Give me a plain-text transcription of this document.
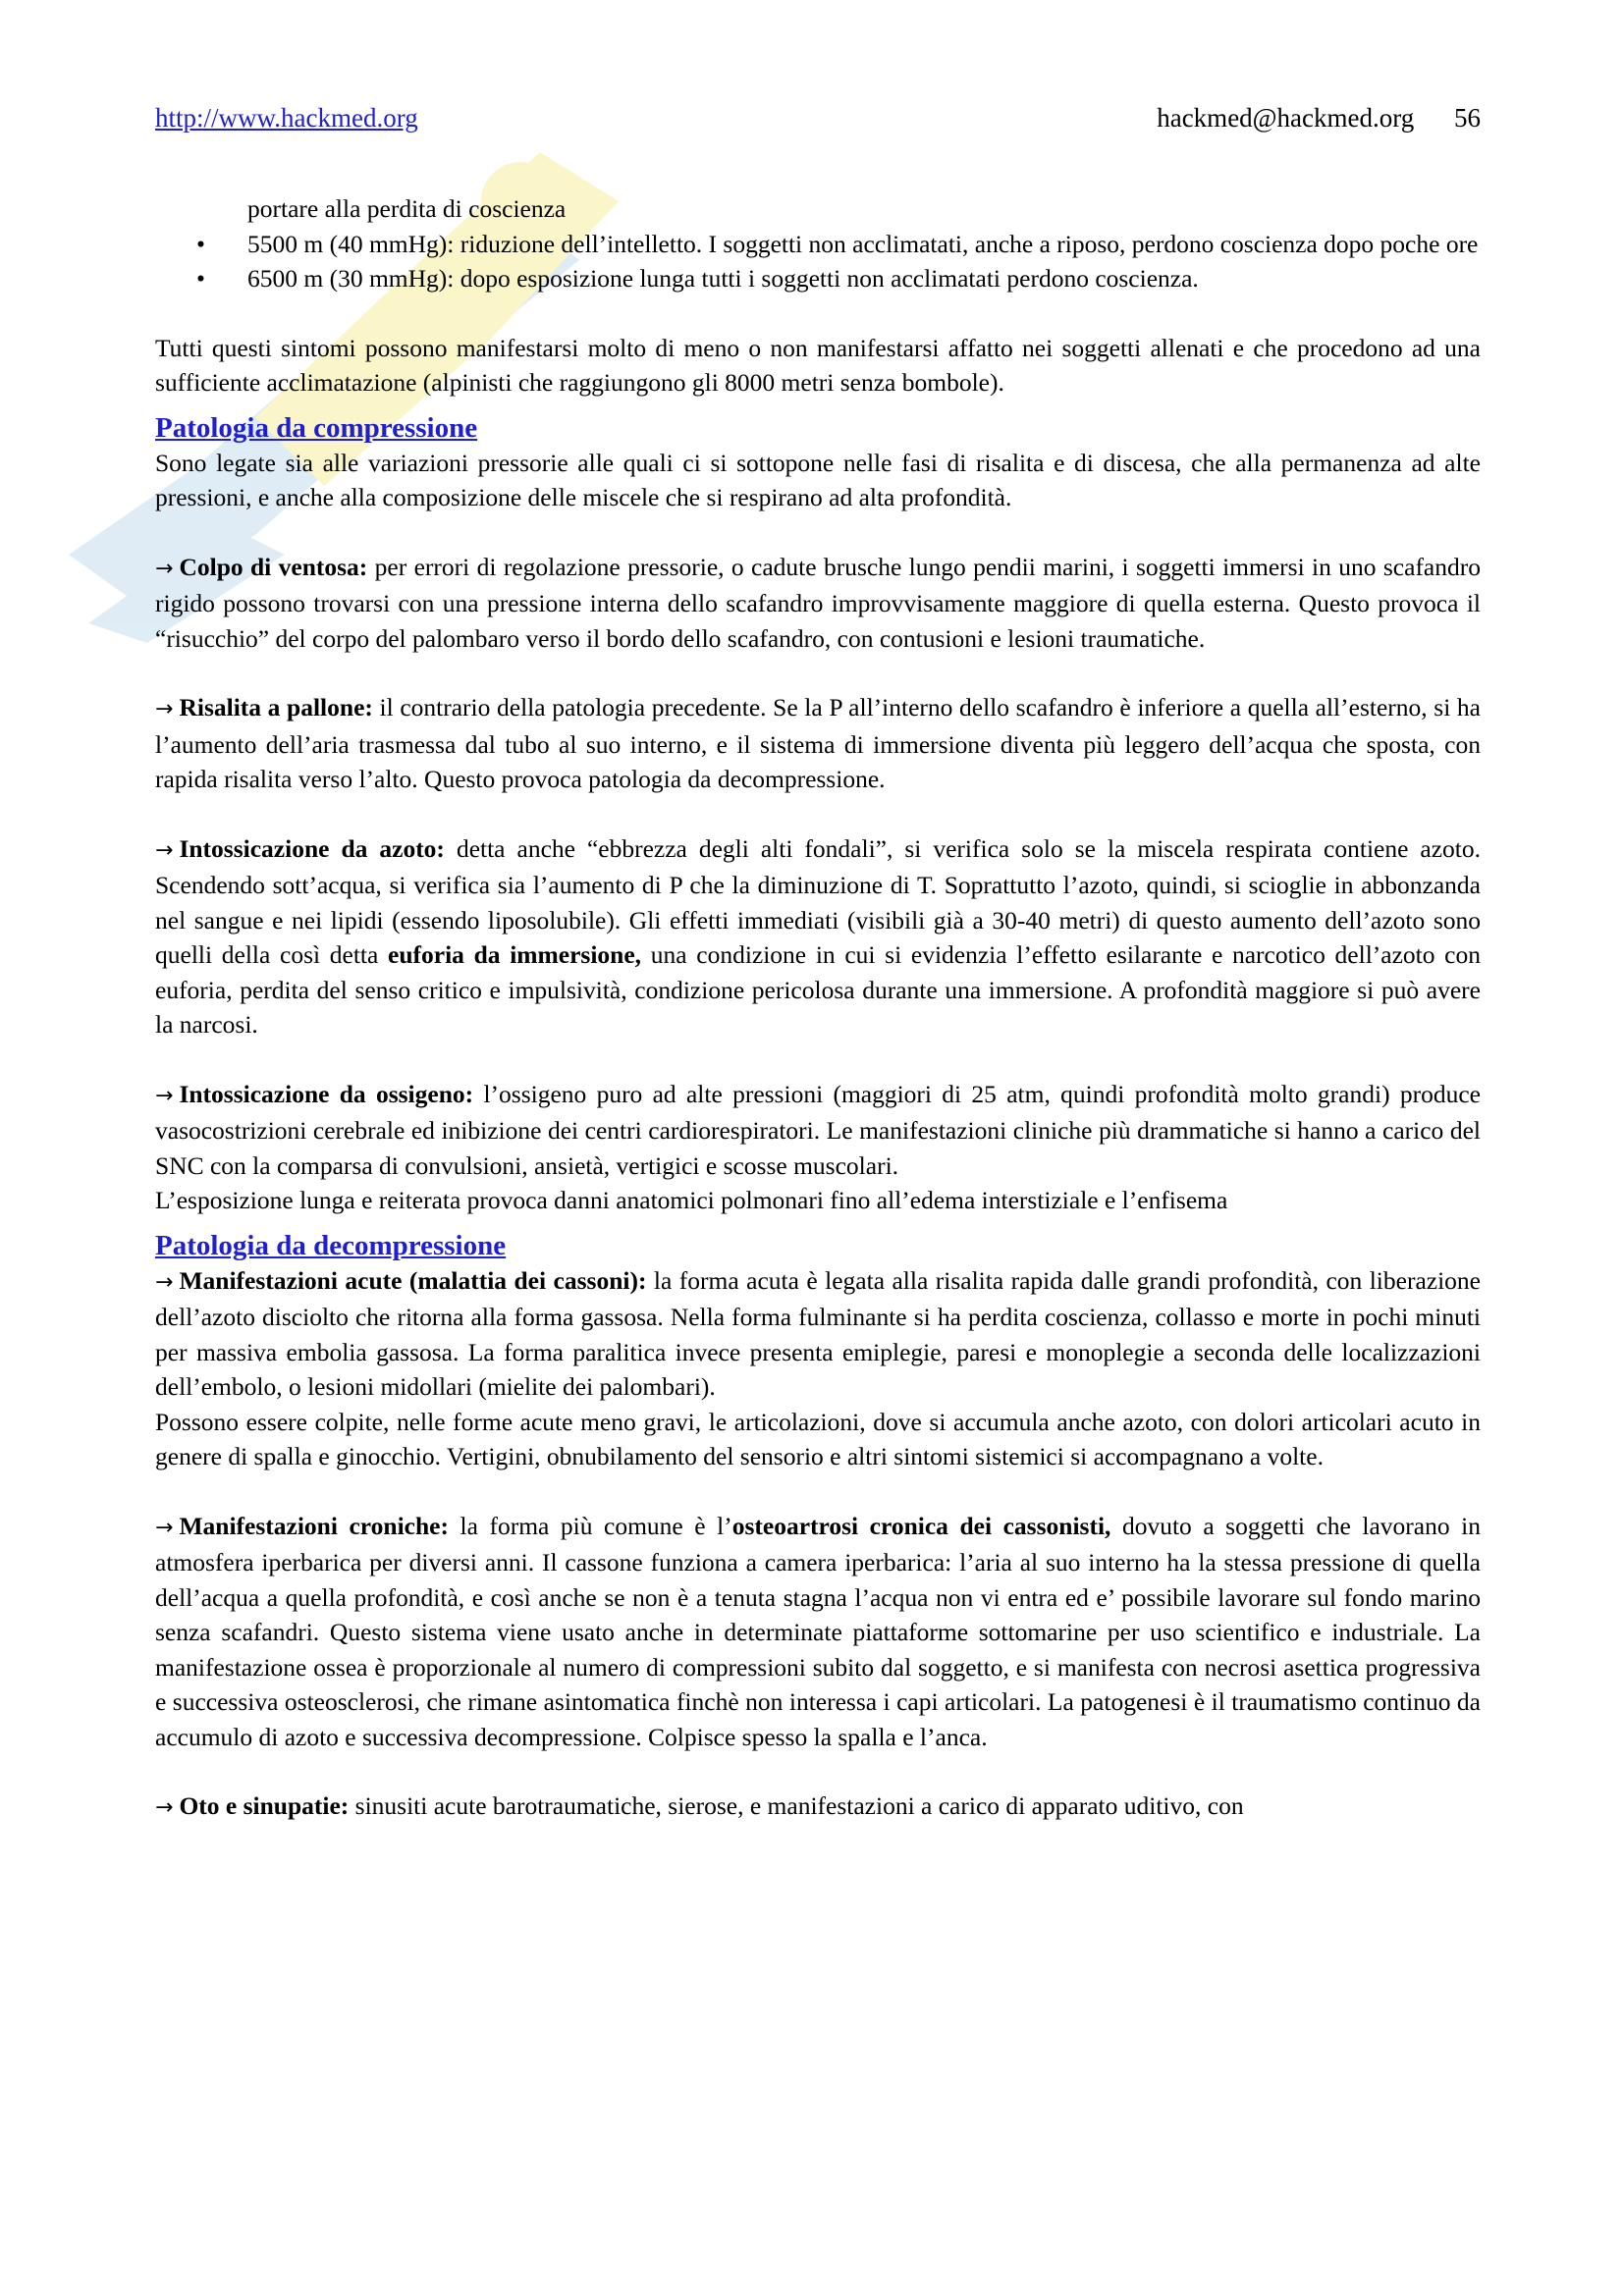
http://www.hackmed.org	hackmed@hackmed.org 56
portare alla perdita di coscienza
• 5500 m (40 mmHg): riduzione dell’intelletto. I soggetti non acclimatati, anche a riposo, perdono coscienza dopo poche ore
• 6500 m (30 mmHg): dopo esposizione lunga tutti i soggetti non acclimatati perdono coscienza.

Tutti questi sintomi possono manifestarsi molto di meno o non manifestarsi affatto nei soggetti allenati e che procedono ad una sufficiente acclimatazione (alpinisti che raggiungono gli 8000 metri senza bombole).

Patologia da compressione

Sono legate sia alle variazioni pressorie alle quali ci si sottopone nelle fasi di risalita e di discesa, che alla permanenza ad alte pressioni, e anche alla composizione delle miscele che si respirano ad alta profondità.

→ Colpo di ventosa: per errori di regolazione pressorie, o cadute brusche lungo pendii marini, i soggetti immersi in uno scafandro rigido possono trovarsi con una pressione interna dello scafandro improvvisamente maggiore di quella esterna. Questo provoca il “risucchio” del corpo del palombaro verso il bordo dello scafandro, con contusioni e lesioni traumatiche.

→ Risalita a pallone: il contrario della patologia precedente. Se la P all’interno dello scafandro è inferiore a quella all’esterno, si ha l’aumento dell’aria trasmessa dal tubo al suo interno, e il sistema di immersione diventa più leggero dell’acqua che sposta, con rapida risalita verso l’alto. Questo provoca patologia da decompressione.

→ Intossicazione da azoto: detta anche “ebbrezza degli alti fondali”, si verifica solo se la miscela respirata contiene azoto. Scendendo sott’acqua, si verifica sia l’aumento di P che la diminuzione di T. Soprattutto l’azoto, quindi, si scioglie in abbonzanda nel sangue e nei lipidi (essendo liposolubile). Gli effetti immediati (visibili già a 30-40 metri) di questo aumento dell’azoto sono quelli della così detta euforia da immersione, una condizione in cui si evidenzia l’effetto esilarante e narcotico dell’azoto con euforia, perdita del senso critico e impulsività, condizione pericolosa durante una immersione. A profondità maggiore si può avere la narcosi.

→ Intossicazione da ossigeno: l’ossigeno puro ad alte pressioni (maggiori di 25 atm, quindi profondità molto grandi) produce vasocostrizioni cerebrale ed inibizione dei centri cardiorespiratori. Le manifestazioni cliniche più drammatiche si hanno a carico del SNC con la comparsa di convulsioni, ansietà, vertigici e scosse muscolari.

L’esposizione lunga e reiterata provoca danni anatomici polmonari fino all’edema interstiziale e l’enfisema

Patologia da decompressione

→ Manifestazioni acute (malattia dei cassoni): la forma acuta è legata alla risalita rapida dalle grandi profondità, con liberazione dell’azoto disciolto che ritorna alla forma gassosa. Nella forma fulminante si ha perdita coscienza, collasso e morte in pochi minuti per massiva embolia gassosa. La forma paralitica invece presenta emiplegie, paresi e monoplegie a seconda delle localizzazioni dell’embolo, o lesioni midollari (mielite dei palombari).

Possono essere colpite, nelle forme acute meno gravi, le articolazioni, dove si accumula anche azoto, con dolori articolari acuto in genere di spalla e ginocchio. Vertigini, obnubilamento del sensorio e altri sintomi sistemici si accompagnano a volte.

→ Manifestazioni croniche: la forma più comune è l’osteoartrosi cronica dei cassonisti, dovuto a soggetti che lavorano in atmosfera iperbarica per diversi anni. Il cassone funziona a camera iperbarica: l’aria al suo interno ha la stessa pressione di quella dell’acqua a quella profondità, e così anche se non è a tenuta stagna l’acqua non vi entra ed e’ possibile lavorare sul fondo marino senza scafandri. Questo sistema viene usato anche in determinate piattaforme sottomarine per uso scientifico e industriale. La manifestazione ossea è proporzionale al numero di compressioni subito dal soggetto, e si manifesta con necrosi asettica progressiva e successiva osteosclerosi, che rimane asintomatica finchè non interessa i capi articolari. La patogenesi è il traumatismo continuo da accumulo di azoto e successiva decompressione. Colpisce spesso la spalla e l’anca.

→ Oto e sinupatie: sinusiti acute barotraumatiche, sierose, e manifestazioni a carico di apparato uditivo, con
